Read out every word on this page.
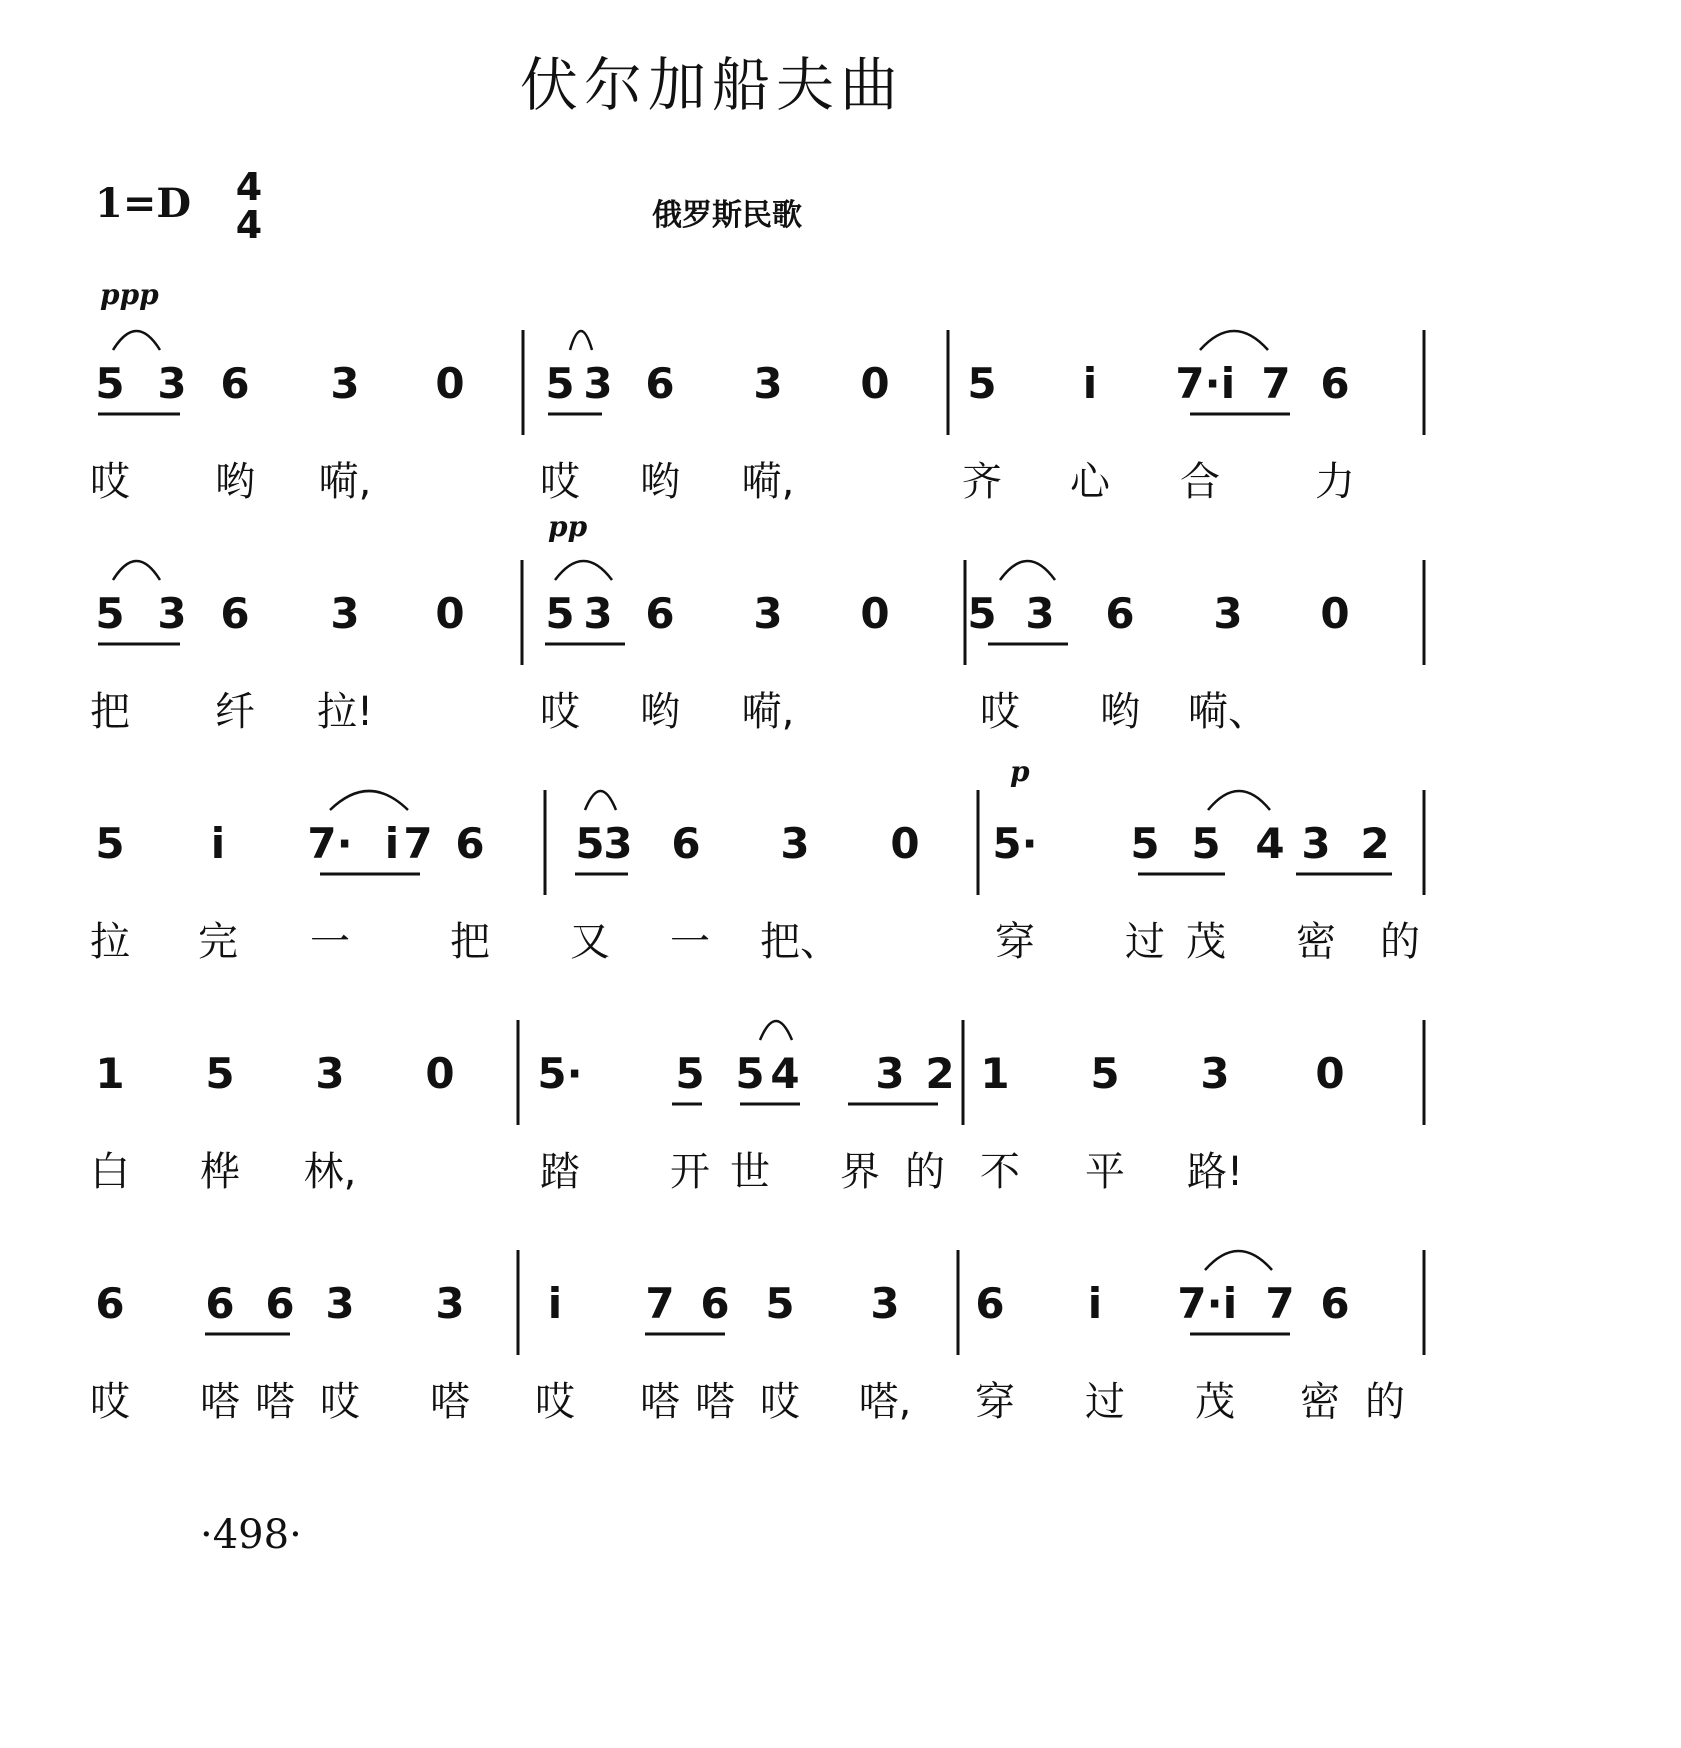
伏尔加船夫曲
1=D 4
4	俄罗斯民歌
5 3 6 3 0 5 3 6 3 0 5 i 7· i 7 6
哎 哟 嗬,	哎 哟 嗬,	齐 心 合 力
5 3 6 3 0 5 3 6 3 0 5 3 6 3 0
把 纤 拉!	哎 哟 嗬,	哎 哟 嗬、
5 i 7· i 7 6 5
3 6 3 0 5· 5 5 4 3 2
拉 完 一	把 又 一 把、	穿 过 茂 密 的
1 5 3 0 5· 5 5 4 3 2 1 5 3 0
白 桦 林,	踏 开 世 界 的 不 平 路!
6 6 6 3 3 i 7 6 5 3 6 i 7· i 7 6
哎 嗒 嗒 哎 嗒 哎 嗒 嗒 哎 嗒, 穿 过 茂 密 的
ppp
pp
p
·498·
